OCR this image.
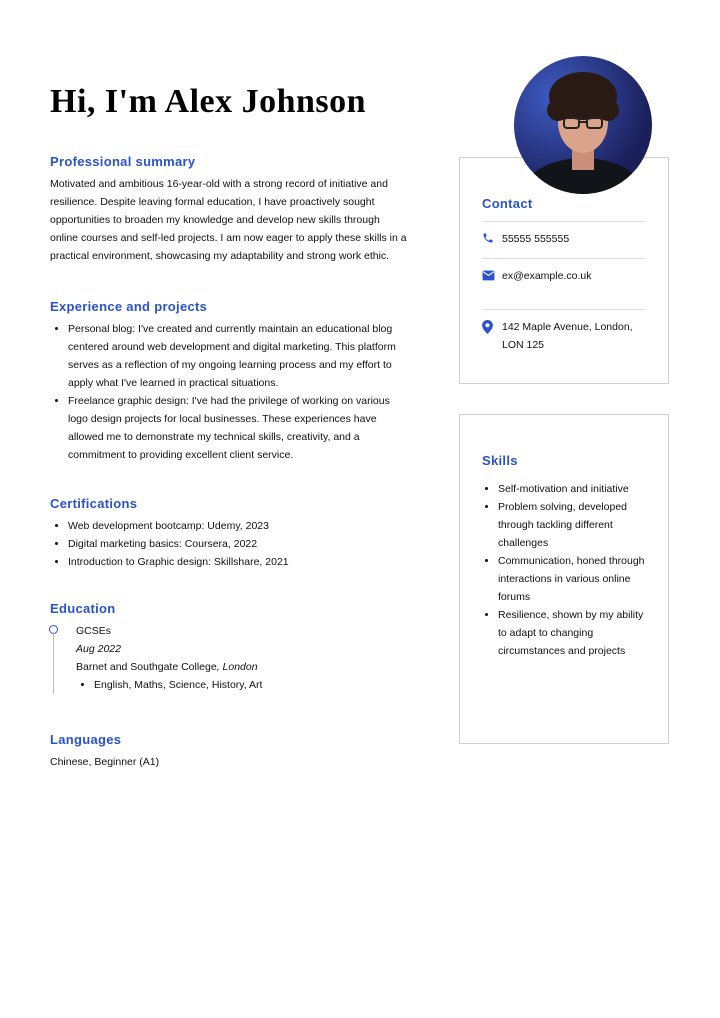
Hi, I'm Alex Johnson
Professional summary

Motivated and ambitious 16-year-old with a strong record of initiative and resilience. Despite leaving formal education, I have proactively sought opportunities to broaden my knowledge and develop new skills through online courses and self-led projects. I am now eager to apply these skills in a practical environment, showcasing my adaptability and strong work ethic.

Experience and projects
• Personal blog: I've created and currently maintain an educational blog centered around web development and digital marketing. This platform serves as a reflection of my ongoing learning process and my effort to apply what I've learned in practical situations.
• Freelance graphic design: I've had the privilege of working on various logo design projects for local businesses. These experiences have allowed me to demonstrate my technical skills, creativity, and a commitment to providing excellent client service.
Certifications
• Web development bootcamp: Udemy, 2023
• Digital marketing basics: Coursera, 2022
• Introduction to Graphic design: Skillshare, 2021
Education
GCSEs
Aug 2022
Barnet and Southgate College, London
• English, Maths, Science, History, Art
Languages

Chinese, Beginner (A1)

Contact
55555 555555
ex@example.co.uk
142 Maple Avenue, London, LON 125
Skills
• Self-motivation and initiative
• Problem solving, developed through tackling different challenges
• Communication, honed through interactions in various online forums
• Resilience, shown by my ability to adapt to changing circumstances and projects
